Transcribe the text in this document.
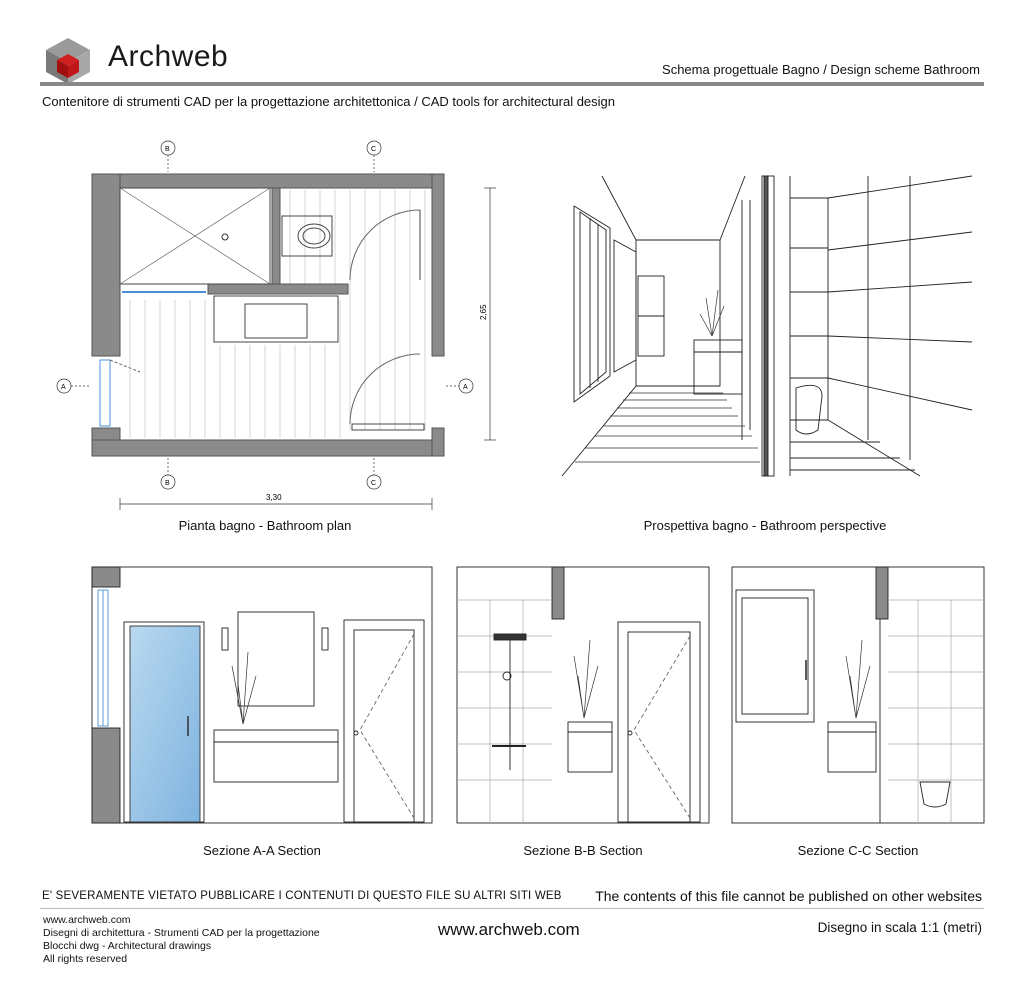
B	C
B	C
A	A
3,30
2,65
Archweb	Schema progettuale Bagno / Design scheme Bathroom
Contenitore di strumenti CAD per la progettazione architettonica / CAD tools for architectural design
Pianta bagno - Bathroom plan	Prospettiva bagno - Bathroom perspective
Sezione A-A Section	Sezione B-B Section	Sezione C-C Section
E' SEVERAMENTE VIETATO PUBBLICARE I CONTENUTI DI QUESTO FILE SU ALTRI SITI WEB The contents of this file cannot be published on other websites
www.archweb.com
Disegni di architettura - Strumenti CAD per la progettazione
Blocchi dwg - Architectural drawings
All rights reserved
www.archweb.com	Disegno in scala 1:1 (metri)
